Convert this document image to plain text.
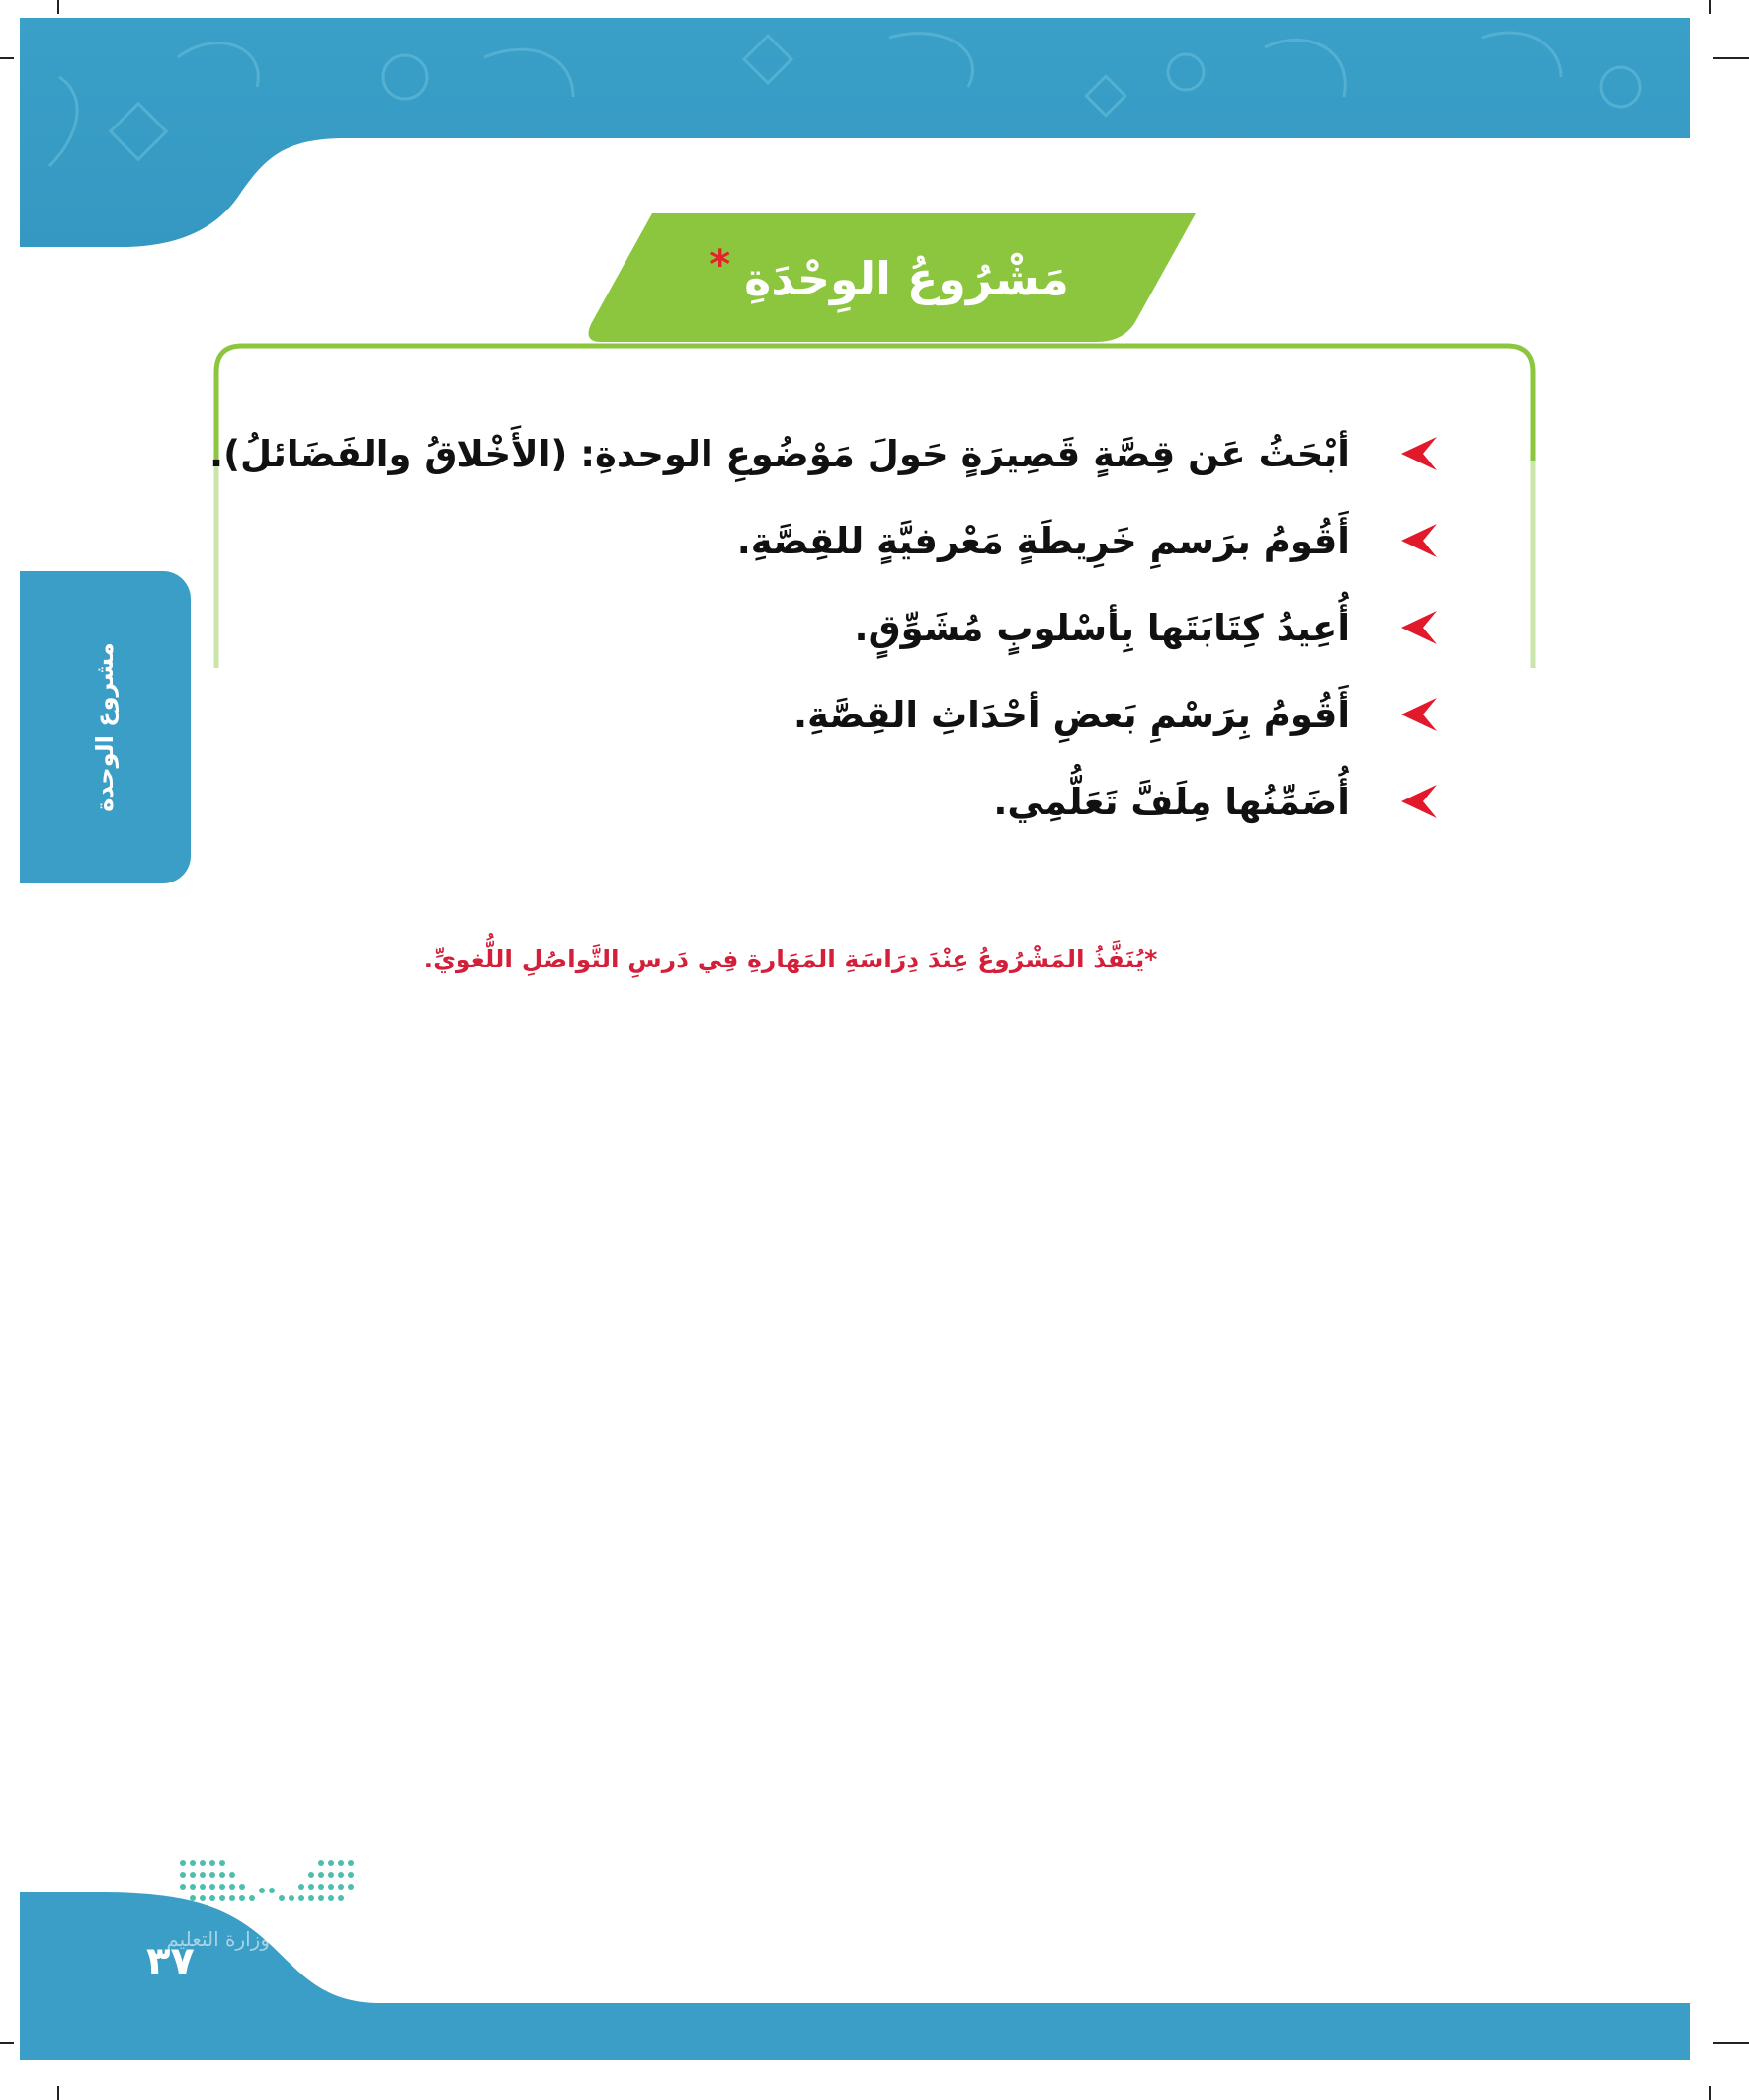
مَشْرُوعُ الوِحْدَةِ
*
أبْحَثُ عَن قِصَّةٍ قَصِيرَةٍ حَولَ مَوْضُوعِ الوحدةِ: (الأَخْلاقُ والفَضَائلُ).
أَقُومُ برَسمِ خَرِيطَةٍ مَعْرفيَّةٍ للقِصَّةِ.
أُعِيدُ كِتَابَتَها بِأسْلوبٍ مُشَوِّقٍ.
أَقُومُ بِرَسْمِ بَعضِ أحْدَاثِ القِصَّةِ.
أُضَمِّنُها مِلَفَّ تَعَلُّمِي.
*يُنَفَّذُ المَشْرُوعُ عِنْدَ دِرَاسَةِ المَهَارةِ فِي دَرسِ التَّواصُلِ اللُّغويِّ.
مشروع الوحدة
وزارة التعليم
٣٧
